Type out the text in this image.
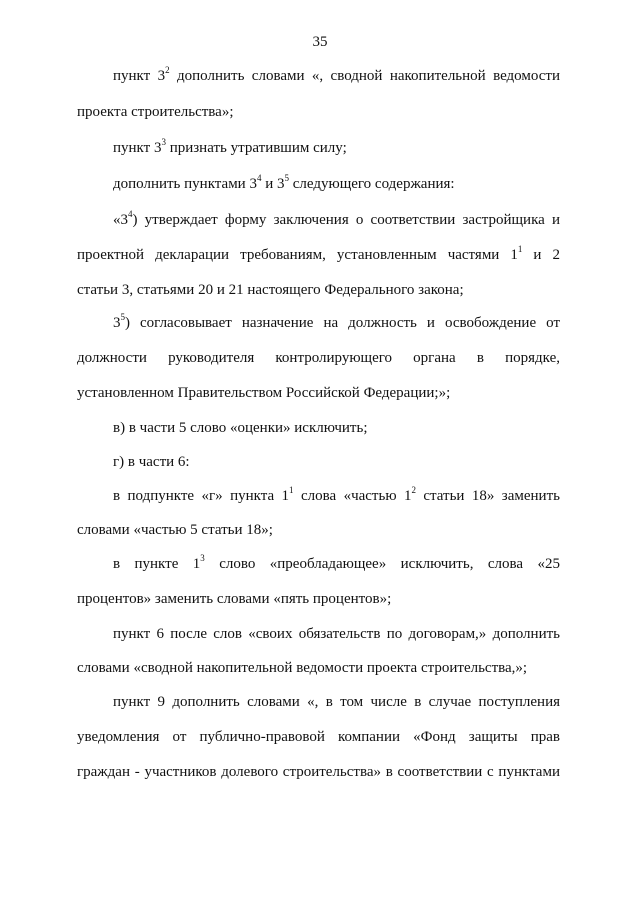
35
пункт $3^2$ дополнить словами «, сводной накопительной ведомости
проекта строительства»;
пункт $3^3$ признать утратившим силу;
дополнить пунктами $3^4$ и $3^5$ следующего содержания:
«$3^4$) утверждает форму заключения о соответствии застройщика и
проектной декларации требованиям, установленным частями $1^1$ и 2
статьи 3, статьями 20 и 21 настоящего Федерального закона;
$3^5$) согласовывает назначение на должность и освобождение от
должности руководителя контролирующего органа в порядке,
установленном Правительством Российской Федерации;»;
в) в части 5 слово «оценки» исключить;
г) в части 6:
в подпункте «г» пункта $1^1$ слова «частью $1^2$ статьи 18» заменить
словами «частью 5 статьи 18»;
в пункте $1^3$ слово «преобладающее» исключить, слова «25
процентов» заменить словами «пять процентов»;
пункт 6 после слов «своих обязательств по договорам,» дополнить
словами «сводной накопительной ведомости проекта строительства,»;
пункт 9 дополнить словами «, в том числе в случае поступления
уведомления от публично-правовой компании «Фонд защиты прав
граждан - участников долевого строительства» в соответствии с пунктами
